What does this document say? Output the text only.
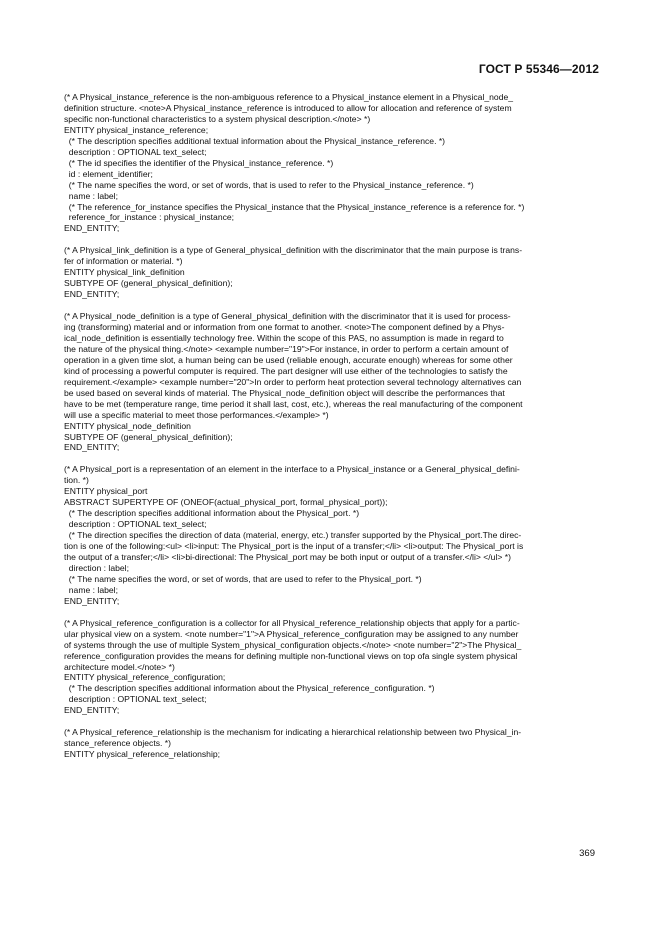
ГОСТ Р 55346—2012
(* A Physical_instance_reference is the non-ambiguous reference to a Physical_instance element in a Physical_node_
definition structure. <note>A Physical_instance_reference is introduced to allow for allocation and reference of system
specific non-functional characteristics to a system physical description.</note> *)
ENTITY physical_instance_reference;
(* The description specifies additional textual information about the Physical_instance_reference. *)
description : OPTIONAL text_select;
(* The id specifies the identifier of the Physical_instance_reference. *)
id : element_identifier;
(* The name specifies the word, or set of words, that is used to refer to the Physical_instance_reference. *)
name : label;
(* The reference_for_instance specifies the Physical_instance that the Physical_instance_reference is a reference for. *)
reference_for_instance : physical_instance;
END_ENTITY;
(* A Physical_link_definition is a type of General_physical_definition with the discriminator that the main purpose is trans-
fer of information or material. *)
ENTITY physical_link_definition
SUBTYPE OF (general_physical_definition);
END_ENTITY;
(* A Physical_node_definition is a type of General_physical_definition with the discriminator that it is used for process-
ing (transforming) material and or information from one format to another. <note>The component defined by a Phys-
ical_node_definition is essentially technology free. Within the scope of this PAS, no assumption is made in regard to
the nature of the physical thing.</note> <example number="19">For instance, in order to perform a certain amount of
operation in a given time slot, a human being can be used (reliable enough, accurate enough) whereas for some other
kind of processing a powerful computer is required. The part designer will use either of the technologies to satisfy the
requirement.</example> <example number="20">In order to perform heat protection several technology alternatives can
be used based on several kinds of material. The Physical_node_definition object will describe the performances that
have to be met (temperature range, time period it shall last, cost, etc.), whereas the real manufacturing of the component
will use a specific material to meet those performances.</example> *)
ENTITY physical_node_definition
SUBTYPE OF (general_physical_definition);
END_ENTITY;
(* A Physical_port is a representation of an element in the interface to a Physical_instance or a General_physical_defini-
tion. *)
ENTITY physical_port
ABSTRACT SUPERTYPE OF (ONEOF(actual_physical_port, formal_physical_port));
(* The description specifies additional information about the Physical_port. *)
description : OPTIONAL text_select;
(* The direction specifies the direction of data (material, energy, etc.) transfer supported by the Physical_port.The direc-
tion is one of the following:<ul> <li>input: The Physical_port is the input of a transfer;</li> <li>output: The Physical_port is
the output of a transfer;</li> <li>bi-directional: The Physical_port may be both input or output of a transfer.</li> </ul> *)
direction : label;
(* The name specifies the word, or set of words, that are used to refer to the Physical_port. *)
name : label;
END_ENTITY;
(* A Physical_reference_configuration is a collector for all Physical_reference_relationship objects that apply for a partic-
ular physical view on a system. <note number="1">A Physical_reference_configuration may be assigned to any number
of systems through the use of multiple System_physical_configuration objects.</note> <note number="2">The Physical_
reference_configuration provides the means for defining multiple non-functional views on top ofa single system physical
architecture model.</note> *)
ENTITY physical_reference_configuration;
(* The description specifies additional information about the Physical_reference_configuration. *)
description : OPTIONAL text_select;
END_ENTITY;
(* A Physical_reference_relationship is the mechanism for indicating a hierarchical relationship between two Physical_in-
stance_reference objects. *)
ENTITY physical_reference_relationship;
369
